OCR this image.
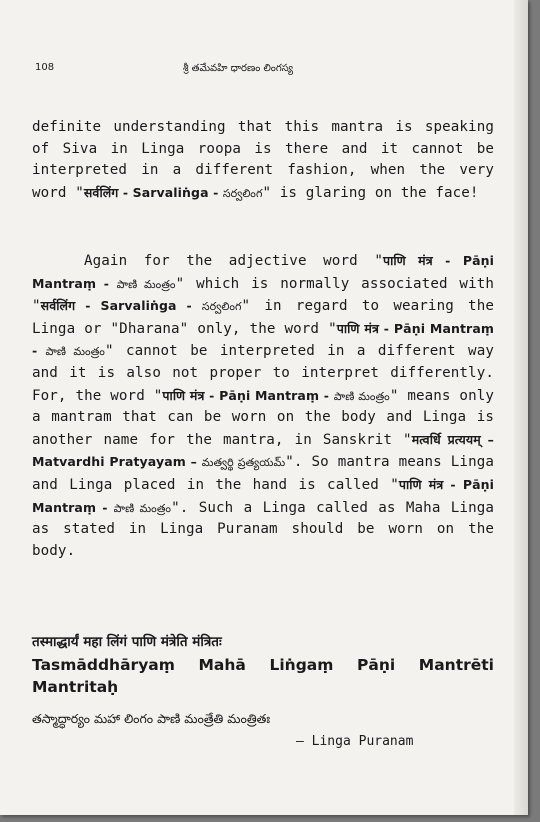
108	శ్రీ తమేవహి ధారణం లింగస్య
definite understanding that this mantra is speaking of Siva in Linga roopa is there and it cannot be interpreted in a different fashion, when the very word "सर्वलिंग - Sarvaliṅga - సర్వలింగ" is glaring on the face!
Again for the adjective word "पाणि मंत्र - Pāṇi Mantraṃ - పాణి మంత్రం" which is normally associated with "सर्वलिंग - Sarvaliṅga - సర్వలింగ" in regard to wearing the Linga or "Dharana" only, the word "पाणि मंत्र - Pāṇi Mantraṃ - పాణి మంత్రం" cannot be interpreted in a different way and it is also not proper to interpret differently. For, the word "पाणि मंत्र - Pāṇi Mantraṃ - పాణి మంత్రం" means only a mantram that can be worn on the body and Linga is another name for the mantra, in Sanskrit "मत्वर्धि प्रत्ययम् – Matvardhi Pratyayam – మత్వర్థి ప్రత్యయమ్". So mantra means Linga and Linga placed in the hand is called "पाणि मंत्र - Pāṇi Mantraṃ - పాణి మంత్రం". Such a Linga called as Maha Linga as stated in Linga Puranam should be worn on the body.
तस्माद्धार्यं महा लिंगं पाणि मंत्रेति मंत्रितः
Tasmāddhāryaṃ Mahā Liṅgaṃ Pāṇi Mantrēti Mantritaḥ
తస్మాద్ధార్యం మహా లింగం పాణి మంత్రేతి మంత్రితః
– Linga Puranam
